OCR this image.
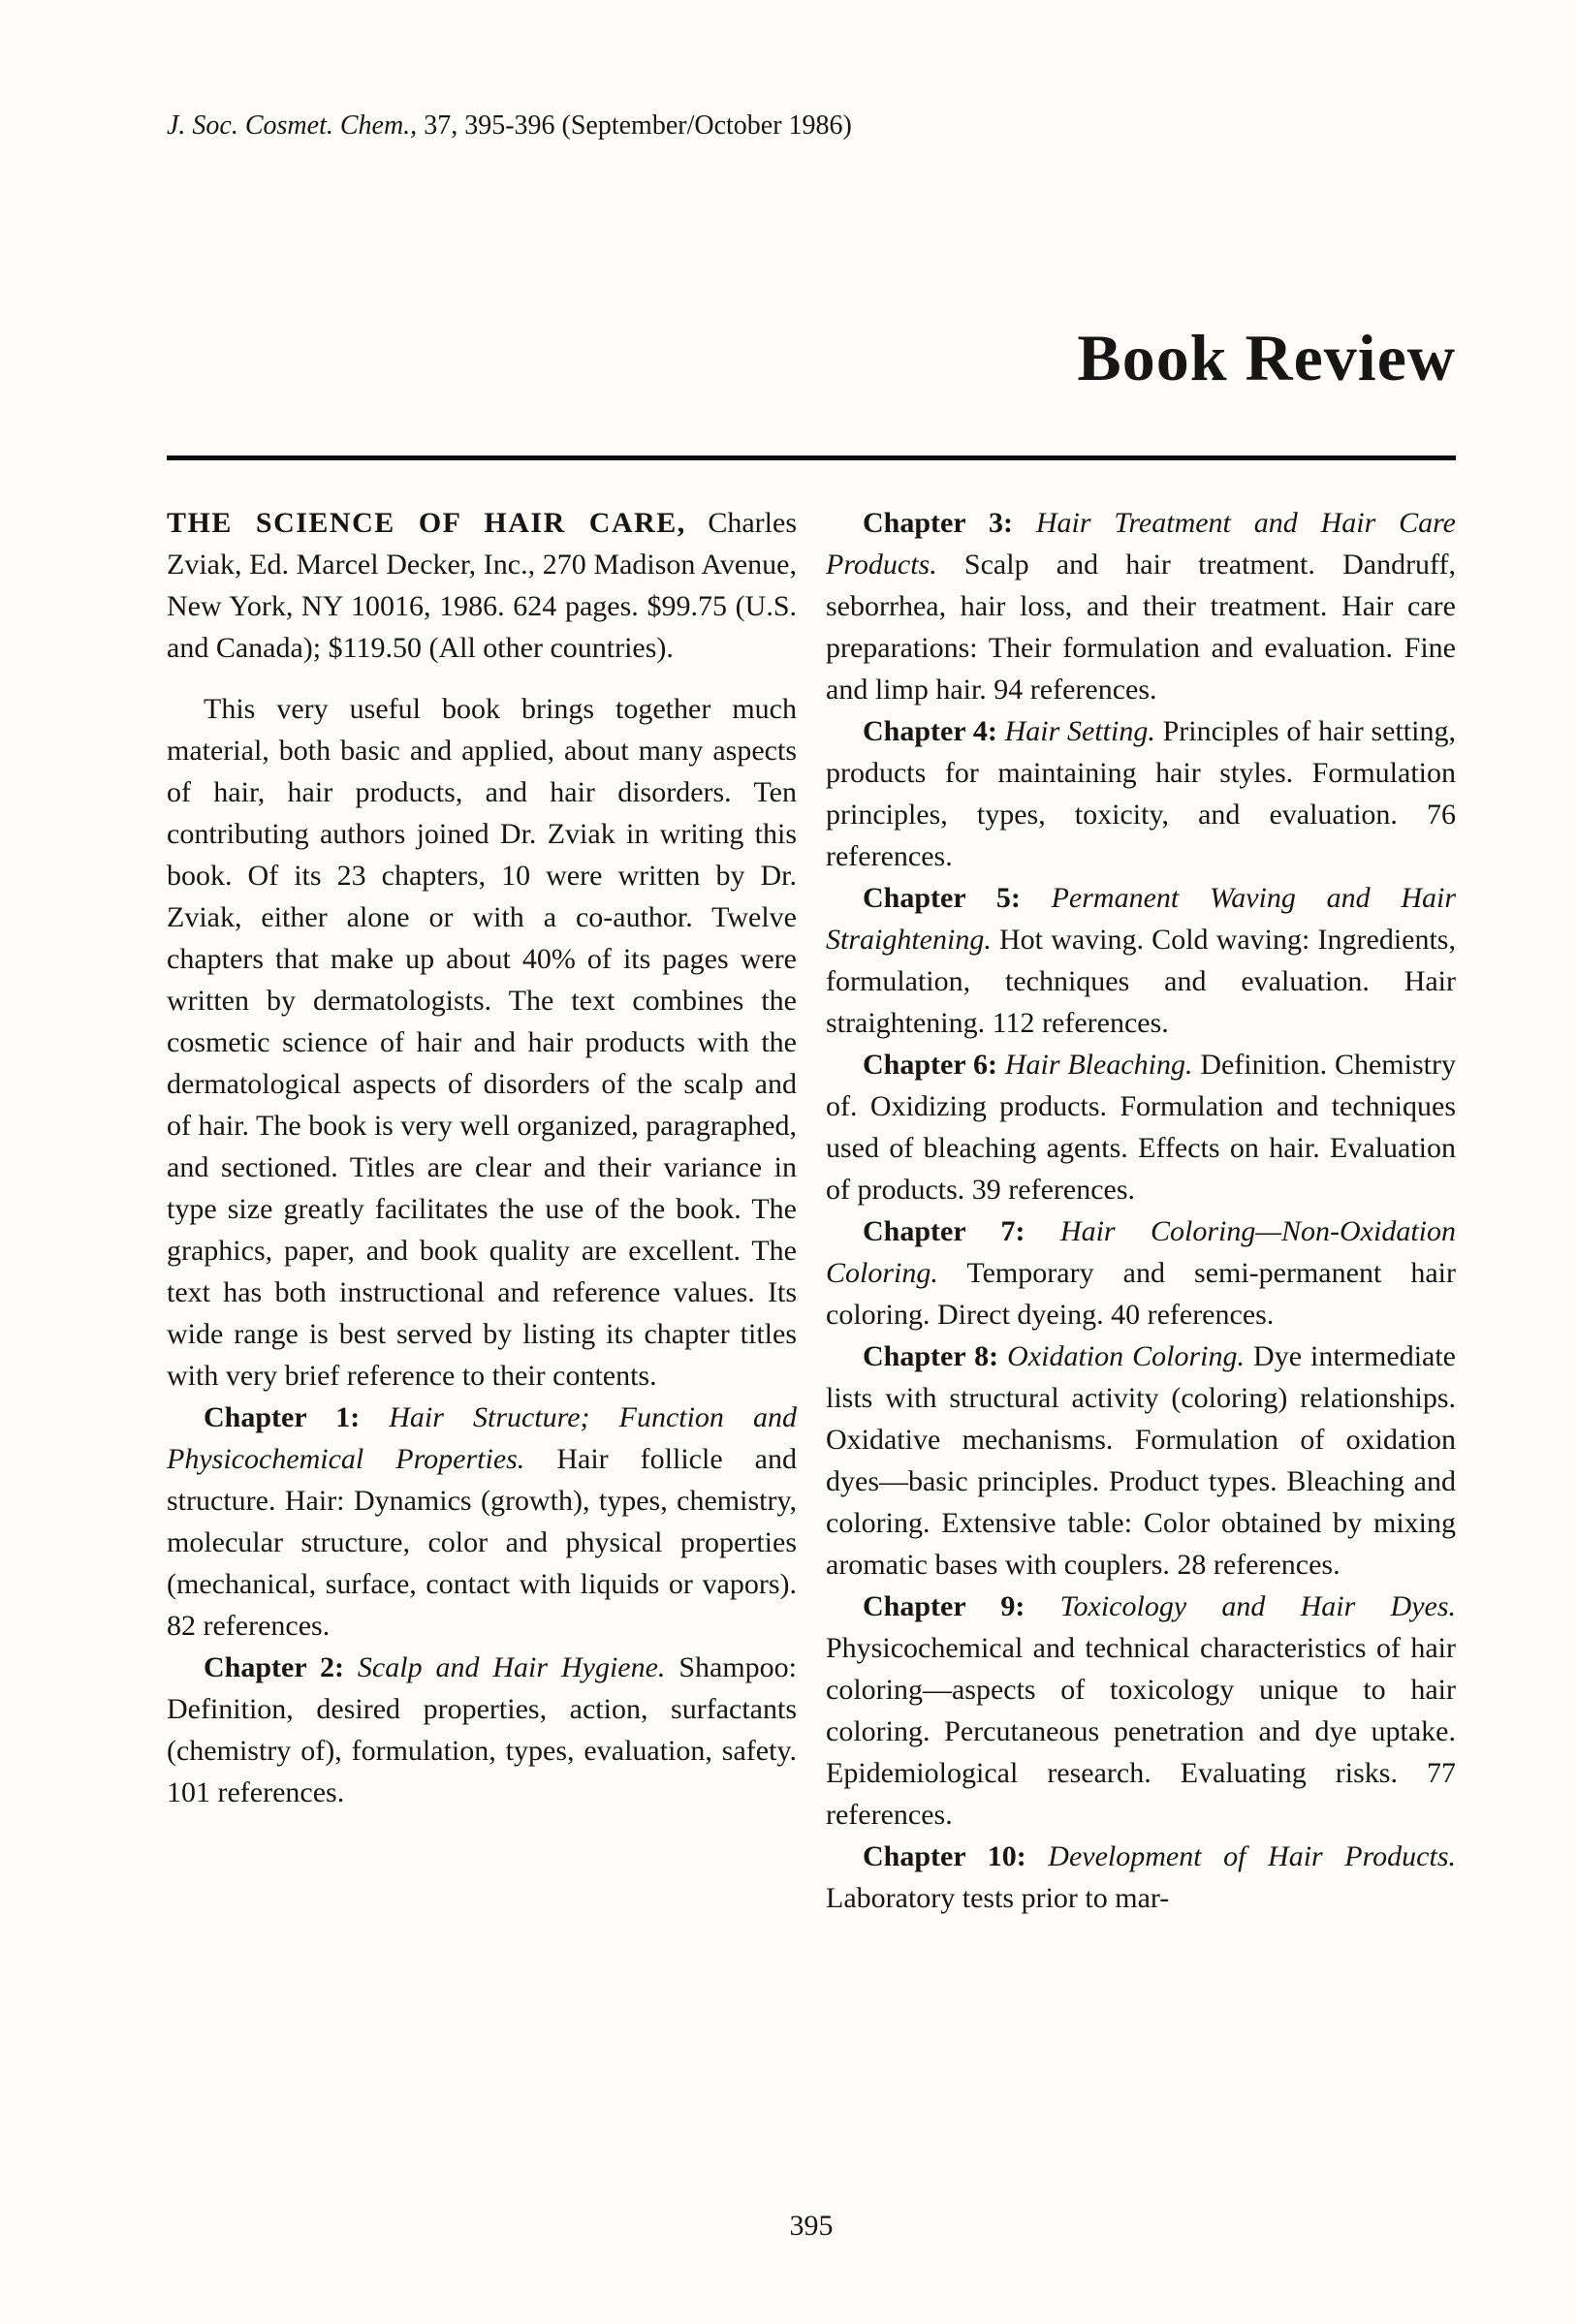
J. Soc. Cosmet. Chem., 37, 395-396 (September/October 1986)

Book Review

THE SCIENCE OF HAIR CARE, Charles Zviak, Ed. Marcel Decker, Inc., 270 Madison Avenue, New York, NY 10016, 1986. 624 pages. $99.75 (U.S. and Canada); $119.50 (All other countries).

This very useful book brings together much material, both basic and applied, about many aspects of hair, hair products, and hair disorders. Ten contributing authors joined Dr. Zviak in writing this book. Of its 23 chapters, 10 were written by Dr. Zviak, either alone or with a co-author. Twelve chapters that make up about 40% of its pages were written by dermatologists. The text combines the cosmetic science of hair and hair products with the dermatological aspects of disorders of the scalp and of hair. The book is very well organized, paragraphed, and sectioned. Titles are clear and their variance in type size greatly facilitates the use of the book. The graphics, paper, and book quality are excellent. The text has both instructional and reference values. Its wide range is best served by listing its chapter titles with very brief reference to their contents.

Chapter 1: Hair Structure; Function and Physicochemical Properties. Hair follicle and structure. Hair: Dynamics (growth), types, chemistry, molecular structure, color and physical properties (mechanical, surface, contact with liquids or vapors). 82 references.

Chapter 2: Scalp and Hair Hygiene. Shampoo: Definition, desired properties, action, surfactants (chemistry of), formulation, types, evaluation, safety. 101 references.

Chapter 3: Hair Treatment and Hair Care Products. Scalp and hair treatment. Dandruff, seborrhea, hair loss, and their treatment. Hair care preparations: Their formulation and evaluation. Fine and limp hair. 94 references.

Chapter 4: Hair Setting. Principles of hair setting, products for maintaining hair styles. Formulation principles, types, toxicity, and evaluation. 76 references.

Chapter 5: Permanent Waving and Hair Straightening. Hot waving. Cold waving: Ingredients, formulation, techniques and evaluation. Hair straightening. 112 references.

Chapter 6: Hair Bleaching. Definition. Chemistry of. Oxidizing products. Formulation and techniques used of bleaching agents. Effects on hair. Evaluation of products. 39 references.

Chapter 7: Hair Coloring—Non-Oxidation Coloring. Temporary and semi-permanent hair coloring. Direct dyeing. 40 references.

Chapter 8: Oxidation Coloring. Dye intermediate lists with structural activity (coloring) relationships. Oxidative mechanisms. Formulation of oxidation dyes—basic principles. Product types. Bleaching and coloring. Extensive table: Color obtained by mixing aromatic bases with couplers. 28 references.

Chapter 9: Toxicology and Hair Dyes. Physicochemical and technical characteristics of hair coloring—aspects of toxicology unique to hair coloring. Percutaneous penetration and dye uptake. Epidemiological research. Evaluating risks. 77 references.

Chapter 10: Development of Hair Products. Laboratory tests prior to mar-

395
